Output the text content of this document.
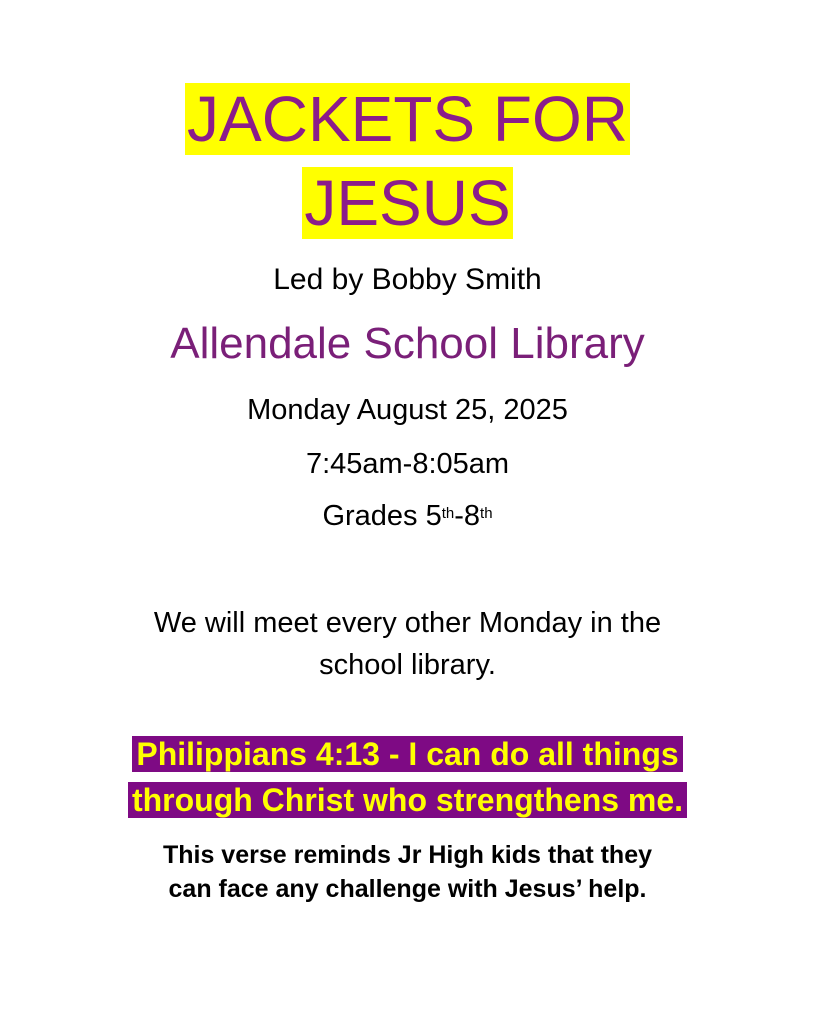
JACKETS FOR
JESUS
Led by Bobby Smith
Allendale School Library
Monday August 25, 2025
7:45am-8:05am
Grades 5th-8th
We will meet every other Monday in the
school library.
Philippians 4:13 - I can do all things
through Christ who strengthens me.
This verse reminds Jr High kids that they
can face any challenge with Jesus’ help.
